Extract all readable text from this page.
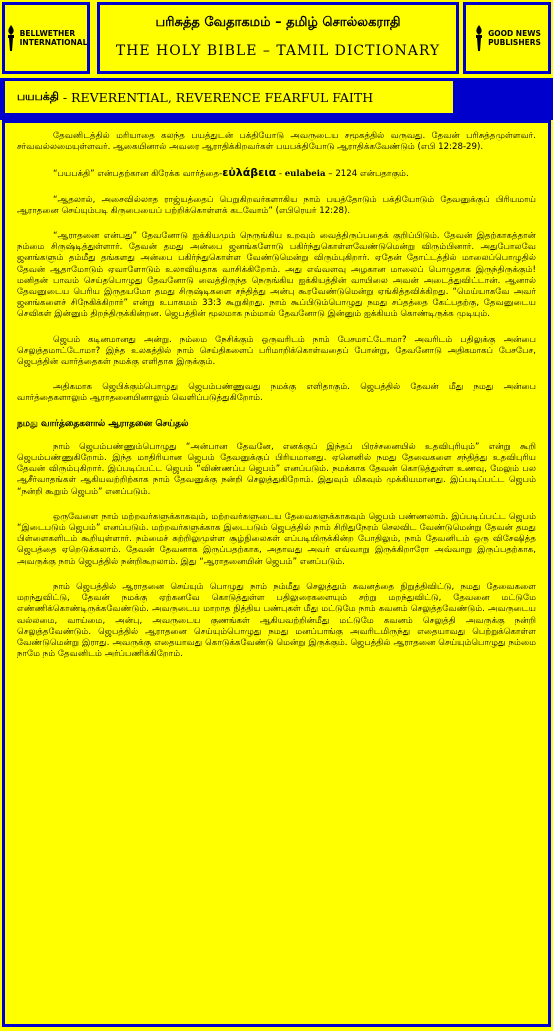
BELLWETHER
INTERNATIONAL
பரிசுத்த வேதாகமம் – தமிழ் சொல்லகராதி
THE HOLY BIBLE – TAMIL DICTIONARY
GOOD NEWS
PUBLISHERS
பயபக்தி - REVERENTIAL, REVERENCE FEARFUL FAITH

தேவனிடத்தில் மரியாதை கலந்த பயத்துடன் பக்தியோடு அவருடைய சமூகத்தில் வருவது. தேவன் பரிசுத்தமுள்ளவர். சர்வவல்லமையுள்ளவர். ஆகையினால் அவரை ஆராதிக்கிறவர்கள் பயபக்தியோடு ஆராதிக்கவேண்டும் (எபி 12:28-29).

“பயபக்தி” என்பதற்கான கிரேக்க வார்த்தை-εὐλάβεια - eulabeia – 2124 என்பதாகும்.

“ஆதலால், அசைவில்லாத ராஜ்யத்தைப் பெறுகிறவர்களாகிய நாம் பயத்தோடும் பக்தியோடும் தேவனுக்குப் பிரியமாய் ஆராதனை செய்யும்படி கிருபையைப் பற்றிக்கொள்ளக் கடவோம்” (எபிரெயர் 12:28).

“ஆராதனை என்பது” தேவனோடு ஐக்கியமும் நெருங்கிய உறவும் வைத்திருப்பதைக் குறிப்பிடும். தேவன் இதற்காகத்தான் நம்மை சிருஷ்டித்துள்ளார். தேவன் தமது அன்பை ஜனங்களோடு பகிர்ந்துகொள்ளவேண்டுமென்று விரும்பினார். அதுபோலவே ஜனங்களும் தம்மீது தங்களது அன்பை பகிர்ந்துகொள்ள வேண்டுமென்று விரும்புகிறார். ஏதேன் தோட்டத்தில் மாலைப்பொழுதில் தேவன் ஆதாமோடும் ஏவாளோடும் உலாவியதாக வாசிக்கிறோம். அது எவ்வளவு அழகான மாலைப் பொழுதாக இருந்திருக்கும்! மனிதன் பாவம் செய்தபொழுது தேவனோடு வைத்திருந்த நெருங்கிய ஐக்கியத்தின் வாயிலை அவன் அடைத்துவிட்டான். ஆனால் தேவனுடைய பெரிய இருதயமோ தமது சிருஷ்டிகளை சந்தித்து அன்பு கூரவேண்டுமென்று ஏங்கித்தவிக்கிறது. “மெய்யாகவே அவர் ஜனங்களைச் சிநேகிக்கிறார்” என்று உபாகமம் 33:3 கூறுகிறது. நாம் கூப்பிடும்பொழுது நமது சப்தத்தை கேட்பதற்கு, தேவனுடைய செவிகள் இன்னும் திறந்திருக்கின்றன. ஜெபத்தின் மூலமாக நம்மால் தேவனோடு இன்னும் ஐக்கியம் கொண்டிருக்க முடியும்.

ஜெபம் கடினமானது அன்று. நம்மை நேசிக்கும் ஒருவரிடம் நாம் பேசமாட்டோமா? அவரிடம் பதிலுக்கு அன்பை செலுத்தமாட்டோமா? இந்த உலகத்தில் நாம் செய்திகளைப் பரிமாறிக்கொள்வதைப் போன்று, தேவனோடு அதிகமாகப் பேசபேச, ஜெபத்தின் வார்த்தைகள் நமக்கு எளிதாக இருக்கும்.

அதிகமாக ஜெபிக்கும்பொழுது ஜெபம்பண்ணுவது நமக்கு எளிதாகும். ஜெபத்தில் தேவன் மீது நமது அன்பை வார்த்தைகளாலும் ஆராதனையினாலும் வெளிப்படுத்துகிறோம்.

நமது வார்த்தைகளால் ஆராதனை செய்தல்

நாம் ஜெபம்பண்ணும்பொழுது “அன்பான தேவனே, எனக்குப் இந்தப் பிரச்சனையில் உதவிபுரியும்” என்று கூறி ஜெபம்பண்ணுகிறோம். இந்த மாதிரியான ஜெபம் தேவனுக்குப் பிரியமானது. ஏனெனில் நமது தேவைகளை சந்தித்து உதவிபுரிய தேவன் விரும்புகிறார். இப்படிப்பட்ட ஜெபம் “விண்ணப்ப ஜெபம்” எனப்படும். நமக்காக தேவன் கொடுத்துள்ள உணவு, மேலும் பல ஆசீர்வாதங்கள் ஆகியவற்றிற்காக நாம் தேவனுக்கு நன்றி செலுத்துகிறோம். இதுவும் மிகவும் முக்கியமானது. இப்படிப்பட்ட ஜெபம் “நன்றி கூறும் ஜெபம்” எனப்படும்.

ஒருவேளை நாம் மற்றவர்களுக்காகவும், மற்றவர்களுடைய தேவைகளுக்காகவும் ஜெபம் பண்ணலாம். இப்படிப்பட்ட ஜெபம் “இடைபடும் ஜெபம்” எனப்படும். மற்றவர்களுக்காக இடைபடும் ஜெபத்தில் நாம் சிறிதுநேரம் செலவிட வேண்டுமென்று தேவன் தமது பிள்ளைகளிடம் கூறியுள்ளார். நம்மைச் சுற்றிலுமுள்ள சூழ்நிலைகள் எப்படியிருக்கின்ற போதிலும், நாம் தேவனிடம் ஒரு விசேஷித்த ஜெபத்தை ஏறெடுக்கலாம். தேவன் தேவனாக இருப்பதற்காக, அதாவது அவர் எவ்வாறு இருக்கிறாரோ அவ்வாறு இருப்பதற்காக, அவருக்கு நாம் ஜெபத்தில் நன்றிகூறலாம். இது “ஆராதனையின் ஜெபம்” எனப்படும்.

நாம் ஜெபத்தில் ஆராதனை செய்யும் பொழுது நாம் நம்மீது செலுத்தும் கவனத்தை நிறுத்திவிட்டு, நமது தேவைகளை மறந்துவிட்டு, தேவன் நமக்கு ஏற்கனவே கொடுத்துள்ள பதிலுரைகளையும் சற்று மறந்துவிட்டு, தேவனை மட்டுமே எண்ணிக்கொண்டிருக்கவேண்டும். அவருடைய மாறாத நித்திய பண்புகள் மீது மட்டுமே நாம் கவனம் செலுத்தவேண்டும். அவருடைய வல்லமை, வாய்மை, அன்பு, அவருடைய குணங்கள் ஆகியவற்றின்மீது மட்டுமே கவனம் செலுத்தி அவருக்கு நன்றி செலுத்தவேண்டும். ஜெபத்தில் ஆராதனை செய்யும்பொழுது நமது மனப்பாங்கு அவரிடமிருந்து எதையாவது பெற்றுக்கொள்ள வேண்டுமென்று இராது. அவருக்கு எதையாவது கொடுக்கவேண்டு மென்று இருக்கும். ஜெபத்தில் ஆராதனை செய்யும்பொழுது நம்மை நாமே நம் தேவனிடம் அர்ப்பணிக்கிறோம்.
